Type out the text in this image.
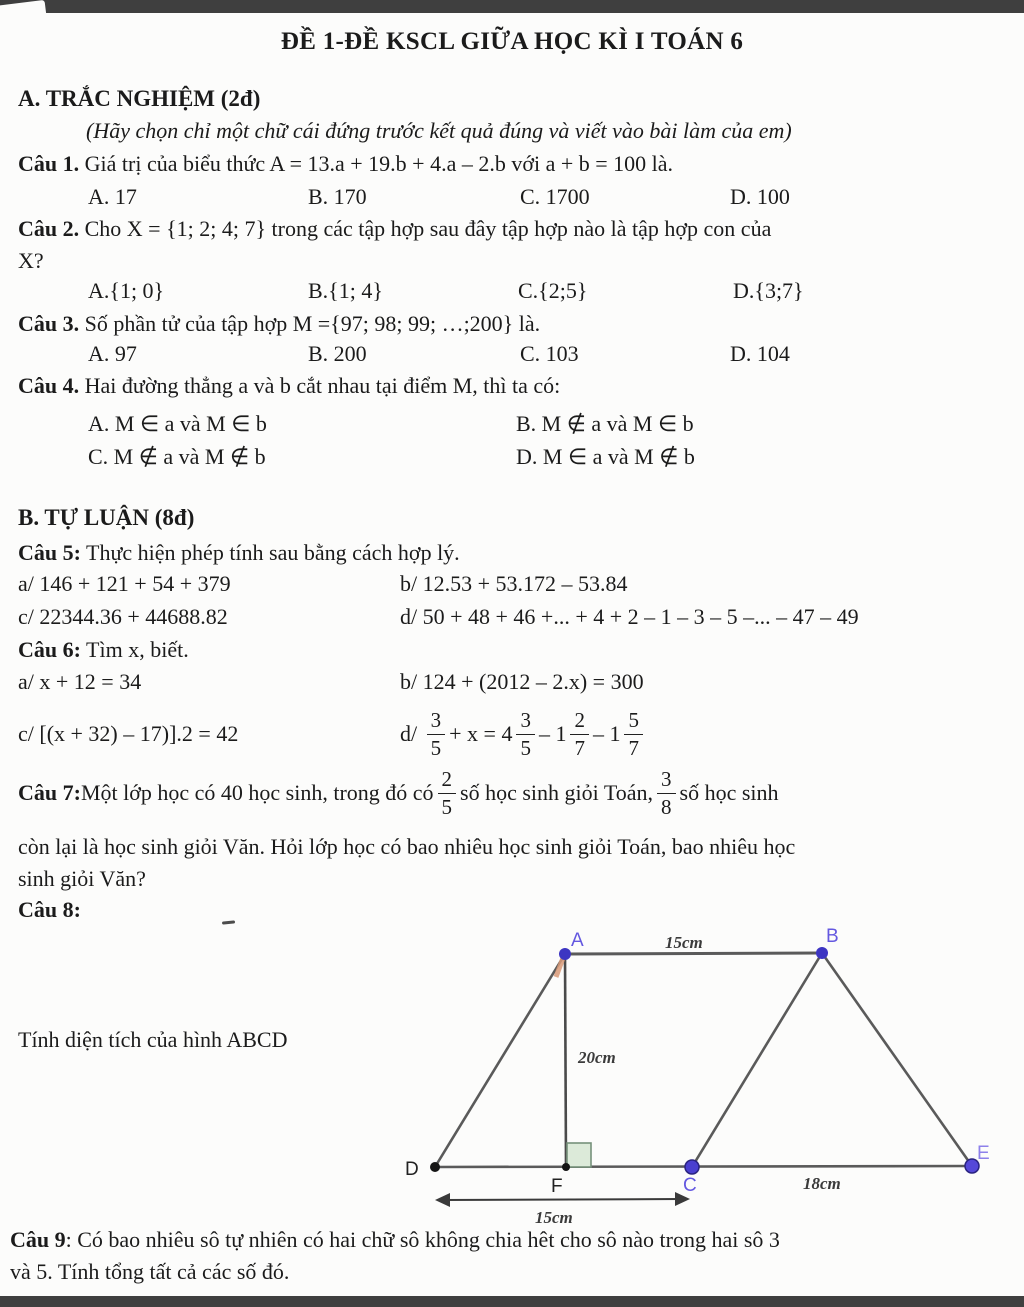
ĐỀ 1-ĐỀ KSCL GIỮA HỌC KÌ I TOÁN 6
A. TRẮC NGHIỆM (2đ)
(Hãy chọn chỉ một chữ cái đứng trước kết quả đúng và viết vào bài làm của em)
Câu 1. Giá trị của biểu thức A = 13.a + 19.b + 4.a – 2.b với a + b = 100 là.
A. 17	B. 170	C. 1700	D. 100
Câu 2. Cho X = {1; 2; 4; 7} trong các tập hợp sau đây tập hợp nào là tập hợp con của
X?
A.{1; 0}	B.{1; 4}	C.{2;5}	D.{3;7}
Câu 3. Số phần tử của tập hợp M ={97; 98; 99; …;200} là.
A. 97	B. 200	C. 103	D. 104
Câu 4. Hai đường thẳng a và b cắt nhau tại điểm M, thì ta có:
A. M ∈ a và M ∈ b	B. M ∉ a và M ∈ b
C. M ∉ a và M ∉ b	D. M ∈ a và M ∉ b
B. TỰ LUẬN (8đ)
Câu 5: Thực hiện phép tính sau bằng cách hợp lý.
a/ 146 + 121 + 54 + 379	b/ 12.53 + 53.172 – 53.84
c/ 22344.36 + 44688.82	d/ 50 + 48 + 46 +... + 4 + 2 – 1 – 3 – 5 –... – 47 – 49
Câu 6: Tìm x, biết.
a/ x + 12 = 34	b/ 124 + (2012 – 2.x) = 300
c/ [(x + 32) – 17)].2 = 42	d/
$\frac{3}{5} + x = 4 \frac{3}{5} - 1 \frac{2}{7} - 1 \frac{5}{7}$
Câu 7: Một lớp học có 40 học sinh, trong đó có $\frac{2}{5}$ số học sinh giỏi Toán, $\frac{3}{8}$ số học sinh
còn lại là học sinh giỏi Văn. Hỏi lớp học có bao nhiêu học sinh giỏi Toán, bao nhiêu học
sinh giỏi Văn?
Câu 8:
Tính diện tích của hình ABCD
A	B
C
D
E
F
15cm
20cm
18cm
15cm
Câu 9: Có bao nhiêu sô tự nhiên có hai chữ sô không chia hêt cho sô nào trong hai sô 3
và 5. Tính tổng tất cả các số đó.
